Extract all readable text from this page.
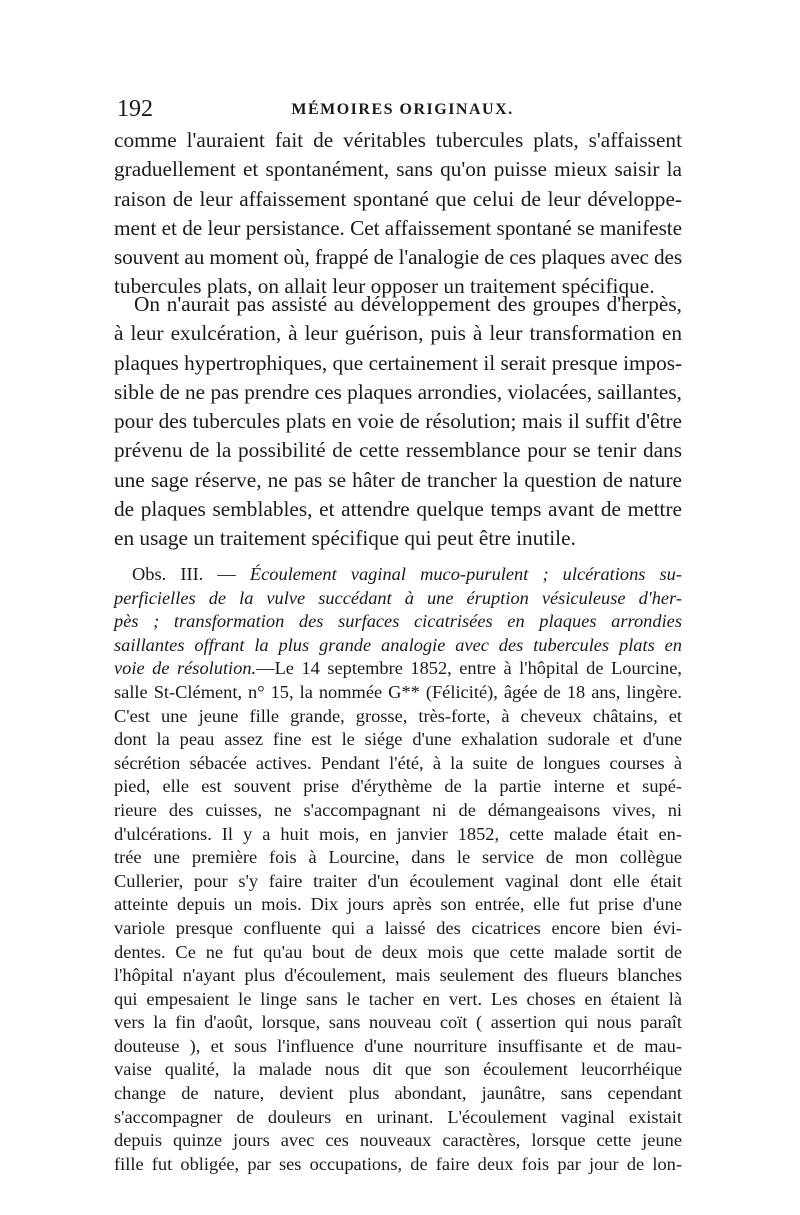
192	MÉMOIRES ORIGINAUX.
comme l'auraient fait de véritables tubercules plats, s'affaissent
graduellement et spontanément, sans qu'on puisse mieux saisir la
raison de leur affaissement spontané que celui de leur développe-
ment et de leur persistance. Cet affaissement spontané se manifeste
souvent au moment où, frappé de l'analogie de ces plaques avec des
tubercules plats, on allait leur opposer un traitement spécifique.
On n'aurait pas assisté au développement des groupes d'herpès,
à leur exulcération, à leur guérison, puis à leur transformation en
plaques hypertrophiques, que certainement il serait presque impos-
sible de ne pas prendre ces plaques arrondies, violacées, saillantes,
pour des tubercules plats en voie de résolution; mais il suffit d'être
prévenu de la possibilité de cette ressemblance pour se tenir dans
une sage réserve, ne pas se hâter de trancher la question de nature
de plaques semblables, et attendre quelque temps avant de mettre
en usage un traitement spécifique qui peut être inutile.
Obs. III. — Écoulement vaginal muco-purulent ; ulcérations su-
perficielles de la vulve succédant à une éruption vésiculeuse d'her-
pès ; transformation des surfaces cicatrisées en plaques arrondies
saillantes offrant la plus grande analogie avec des tubercules plats en
voie de résolution.—Le 14 septembre 1852, entre à l'hôpital de Lourcine,
salle St-Clément, n° 15, la nommée G** (Félicité), âgée de 18 ans, lingère.
C'est une jeune fille grande, grosse, très-forte, à cheveux châtains, et
dont la peau assez fine est le siége d'une exhalation sudorale et d'une
sécrétion sébacée actives. Pendant l'été, à la suite de longues courses à
pied, elle est souvent prise d'érythème de la partie interne et supé-
rieure des cuisses, ne s'accompagnant ni de démangeaisons vives, ni
d'ulcérations. Il y a huit mois, en janvier 1852, cette malade était en-
trée une première fois à Lourcine, dans le service de mon collègue
Cullerier, pour s'y faire traiter d'un écoulement vaginal dont elle était
atteinte depuis un mois. Dix jours après son entrée, elle fut prise d'une
variole presque confluente qui a laissé des cicatrices encore bien évi-
dentes. Ce ne fut qu'au bout de deux mois que cette malade sortit de
l'hôpital n'ayant plus d'écoulement, mais seulement des flueurs blanches
qui empesaient le linge sans le tacher en vert. Les choses en étaient là
vers la fin d'août, lorsque, sans nouveau coït ( assertion qui nous paraît
douteuse ), et sous l'influence d'une nourriture insuffisante et de mau-
vaise qualité, la malade nous dit que son écoulement leucorrhéique
change de nature, devient plus abondant, jaunâtre, sans cependant
s'accompagner de douleurs en urinant. L'écoulement vaginal existait
depuis quinze jours avec ces nouveaux caractères, lorsque cette jeune
fille fut obligée, par ses occupations, de faire deux fois par jour de lon-
